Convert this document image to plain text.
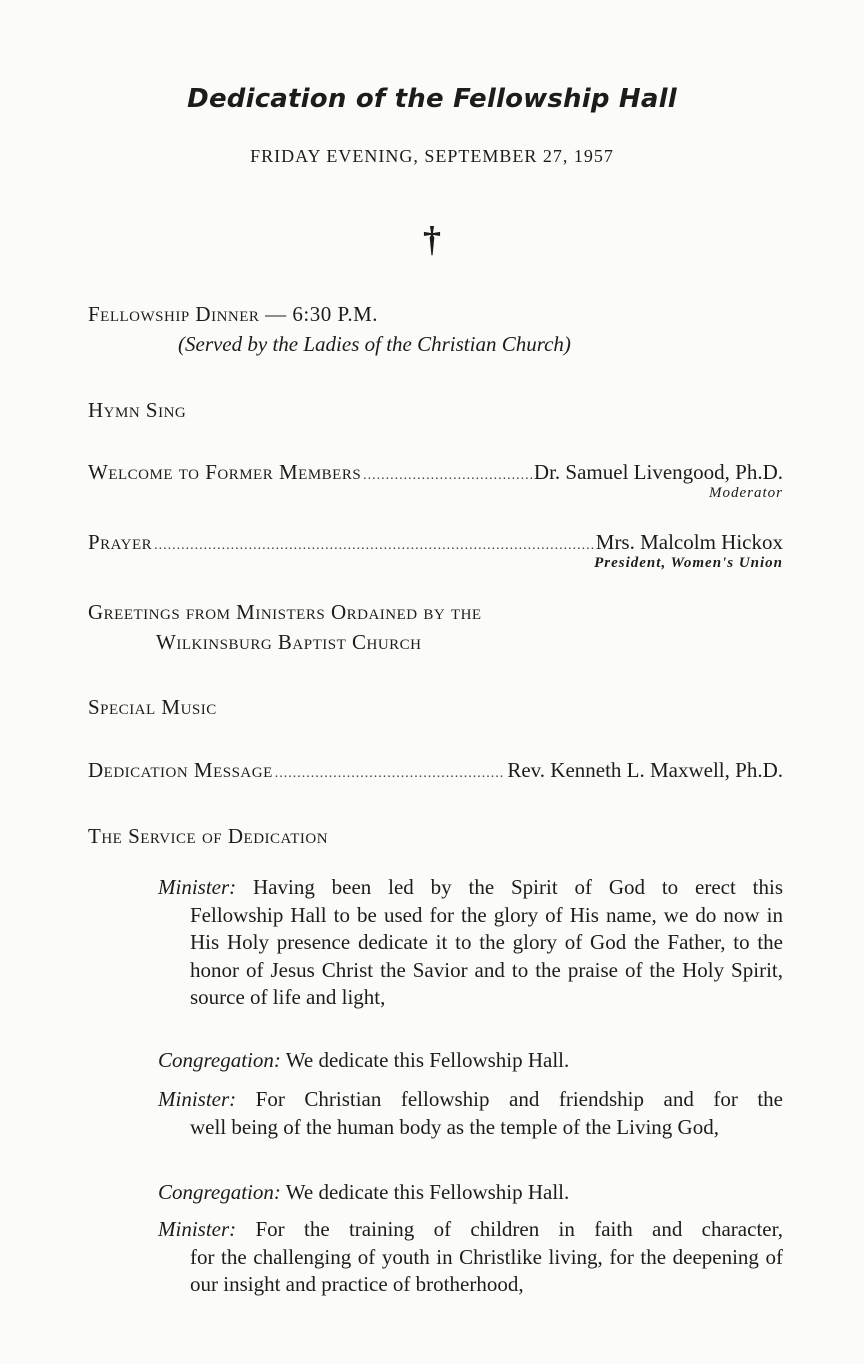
Dedication of the Fellowship Hall
FRIDAY EVENING, SEPTEMBER 27, 1957
†
Fellowship Dinner — 6:30 P.M.
(Served by the Ladies of the Christian Church)
Hymn Sing
Welcome to Former Members .....	Dr. Samuel Livengood, Ph.D.
Moderator
Prayer .....	Mrs. Malcolm Hickox
President, Women's Union
Greetings from Ministers Ordained by the
Wilkinsburg Baptist Church
Special Music
Dedication Message .....	Rev. Kenneth L. Maxwell, Ph.D.
The Service of Dedication
Minister: Having been led by the Spirit of God to erect this
Fellowship Hall to be used for the glory of His name, we do now in His Holy presence dedicate it to the glory of God the Father, to the honor of Jesus Christ the Savior and to the praise of the Holy Spirit, source of life and light,
Congregation: We dedicate this Fellowship Hall.
Minister: For Christian fellowship and friendship and for the
well being of the human body as the temple of the Living God,
Congregation: We dedicate this Fellowship Hall.
Minister: For the training of children in faith and character,
for the challenging of youth in Christlike living, for the deepening of our insight and practice of brotherhood,
